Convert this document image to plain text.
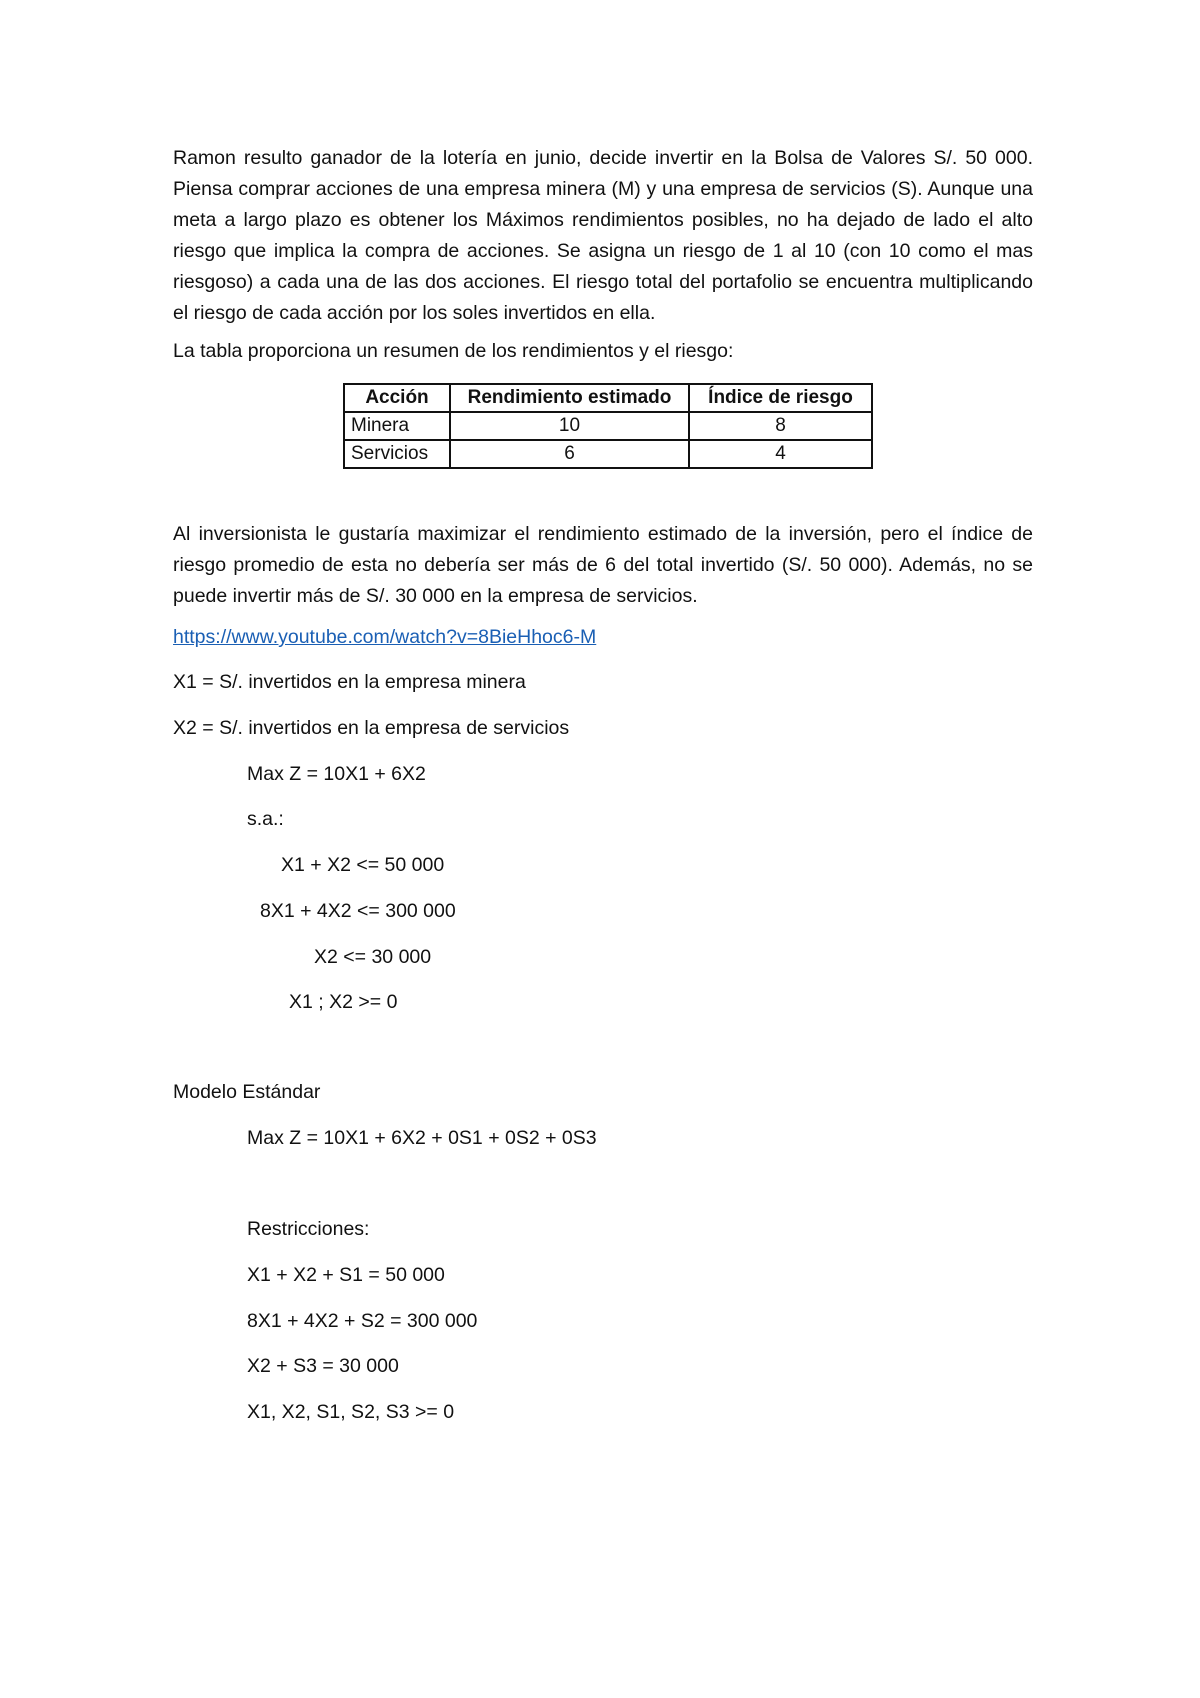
Ramon resulto ganador de la lotería en junio, decide invertir en la Bolsa de Valores S/. 50 000. Piensa comprar acciones de una empresa minera (M) y una empresa de servicios (S). Aunque una meta a largo plazo es obtener los Máximos rendimientos posibles, no ha dejado de lado el alto riesgo que implica la compra de acciones. Se asigna un riesgo de 1 al 10 (con 10 como el mas riesgoso) a cada una de las dos acciones. El riesgo total del portafolio se encuentra multiplicando el riesgo de cada acción por los soles invertidos en ella.

La tabla proporciona un resumen de los rendimientos y el riesgo:

Acción	Rendimiento estimado	Índice de riesgo
Minera	10	8
Servicios	6	4

Al inversionista le gustaría maximizar el rendimiento estimado de la inversión, pero el índice de riesgo promedio de esta no debería ser más de 6 del total invertido (S/. 50 000). Además, no se puede invertir más de S/. 30 000 en la empresa de servicios.

https://www.youtube.com/watch?v=8BieHhoc6-M

X1 = S/. invertidos en la empresa minera

X2 = S/. invertidos en la empresa de servicios

Max Z = 10X1 + 6X2

s.a.:

X1 + X2 <= 50 000

8X1 + 4X2 <= 300 000

X2 <= 30 000

X1 ; X2 >= 0

Modelo Estándar

Max Z = 10X1 + 6X2 + 0S1 + 0S2 + 0S3

Restricciones:

X1 + X2 + S1 = 50 000

8X1 + 4X2 + S2 = 300 000

X2 + S3 = 30 000

X1, X2, S1, S2, S3 >= 0
